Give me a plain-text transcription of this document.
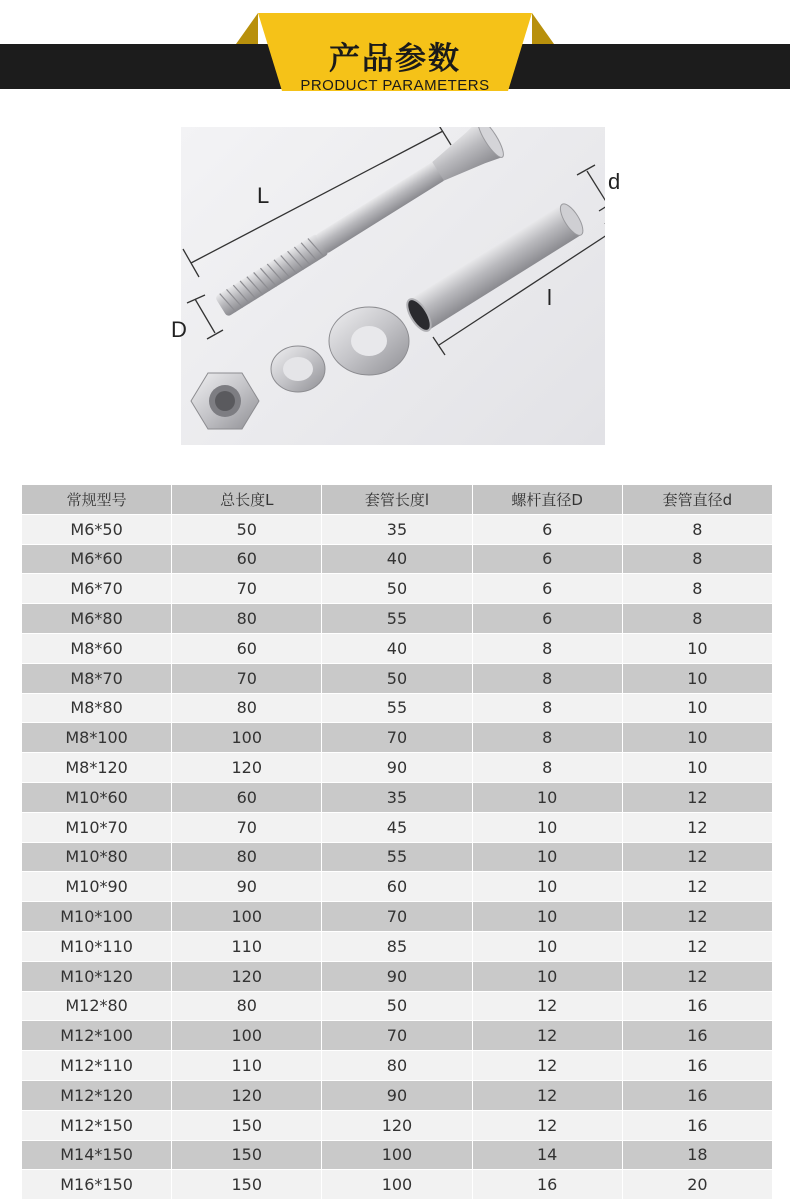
产品参数
PRODUCT PARAMETERS
L
D
d
l
常规型号	总长度L	套管长度l	螺杆直径D	套管直径d
M6*50	50	35	6	8
M6*60	60	40	6	8
M6*70	70	50	6	8
M6*80	80	55	6	8
M8*60	60	40	8	10
M8*70	70	50	8	10
M8*80	80	55	8	10
M8*100	100	70	8	10
M8*120	120	90	8	10
M10*60	60	35	10	12
M10*70	70	45	10	12
M10*80	80	55	10	12
M10*90	90	60	10	12
M10*100	100	70	10	12
M10*110	110	85	10	12
M10*120	120	90	10	12
M12*80	80	50	12	16
M12*100	100	70	12	16
M12*110	110	80	12	16
M12*120	120	90	12	16
M12*150	150	120	12	16
M14*150	150	100	14	18
M16*150	150	100	16	20
